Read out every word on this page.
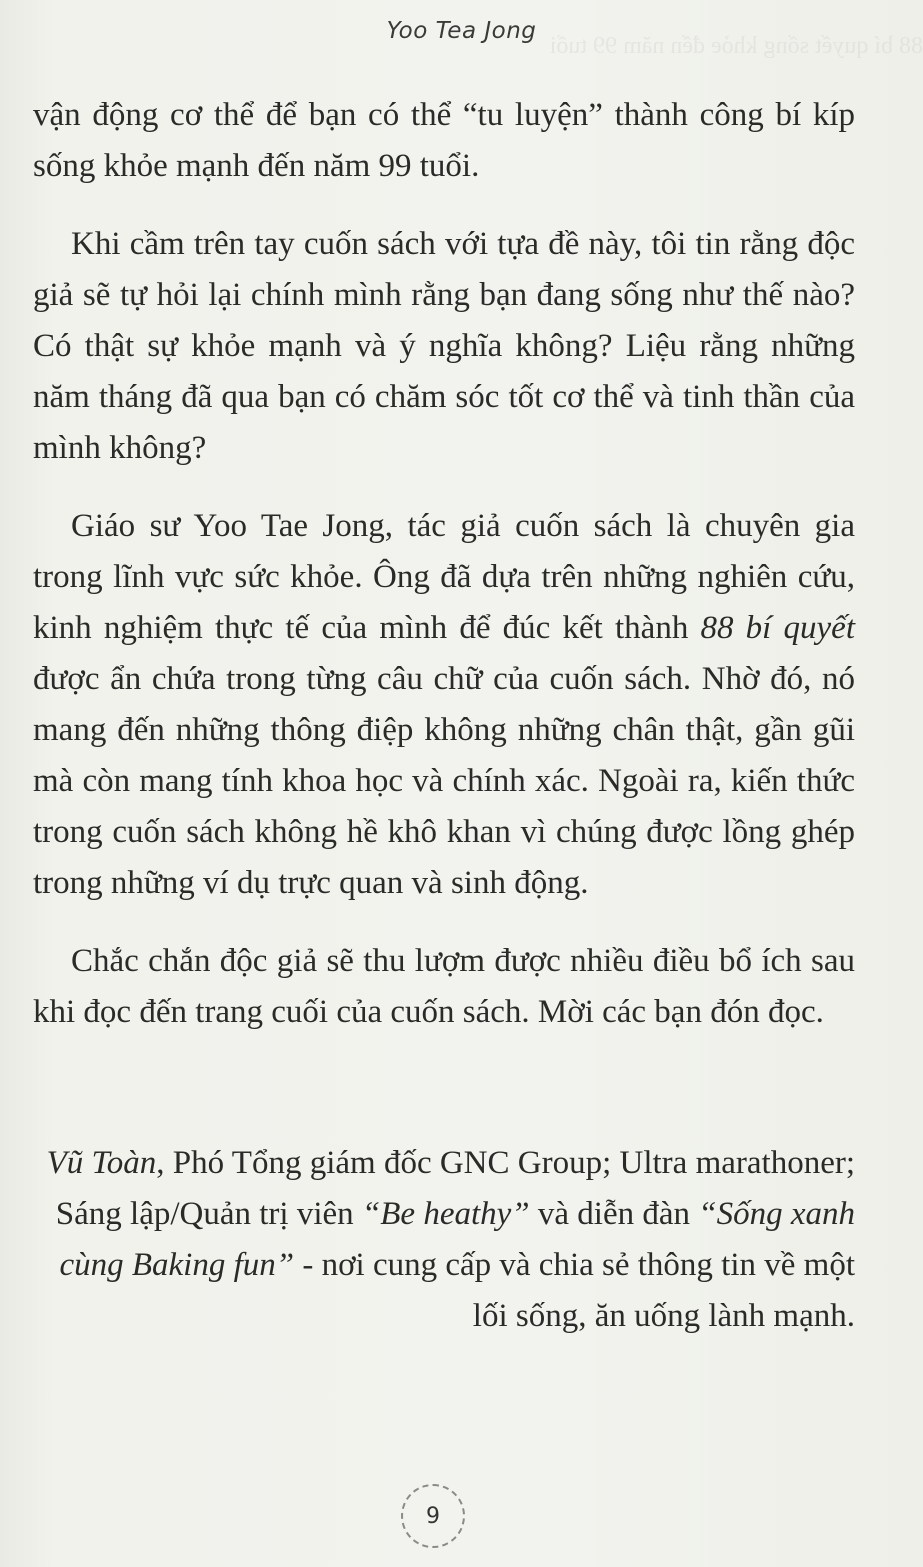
88 bí quyết sống khỏe đến năm 99 tuổi
Yoo Tea Jong

vận động cơ thể để bạn có thể “tu luyện” thành công bí kíp sống khỏe mạnh đến năm 99 tuổi.

Khi cầm trên tay cuốn sách với tựa đề này, tôi tin rằng độc giả sẽ tự hỏi lại chính mình rằng bạn đang sống như thế nào? Có thật sự khỏe mạnh và ý nghĩa không? Liệu rằng những năm tháng đã qua bạn có chăm sóc tốt cơ thể và tinh thần của mình không?

Giáo sư Yoo Tae Jong, tác giả cuốn sách là chuyên gia trong lĩnh vực sức khỏe. Ông đã dựa trên những nghiên cứu, kinh nghiệm thực tế của mình để đúc kết thành 88 bí quyết được ẩn chứa trong từng câu chữ của cuốn sách. Nhờ đó, nó mang đến những thông điệp không những chân thật, gần gũi mà còn mang tính khoa học và chính xác. Ngoài ra, kiến thức trong cuốn sách không hề khô khan vì chúng được lồng ghép trong những ví dụ trực quan và sinh động.

Chắc chắn độc giả sẽ thu lượm được nhiều điều bổ ích sau khi đọc đến trang cuối của cuốn sách. Mời các bạn đón đọc.

Vũ Toàn, Phó Tổng giám đốc GNC Group; Ultra marathoner; Sáng lập/Quản trị viên “Be heathy” và diễn đàn “Sống xanh cùng Baking fun” - nơi cung cấp và chia sẻ thông tin về một lối sống, ăn uống lành mạnh.

9
